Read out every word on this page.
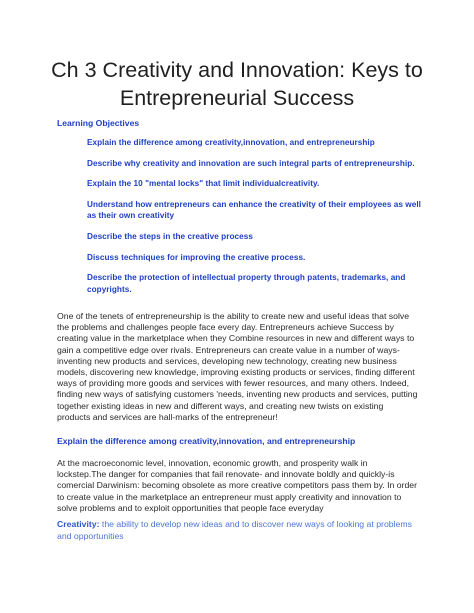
Ch 3 Creativity and Innovation: Keys to Entrepreneurial Success
Learning Objectives
Explain the difference among creativity,innovation, and entrepreneurship
Describe why creativity and innovation are such integral parts of entrepreneurship.
Explain the 10 "mental locks" that limit individualcreativity.
Understand how entrepreneurs can enhance the creativity of their employees as well as their own creativity
Describe the steps in the creative process
Discuss techniques for improving the creative process.
Describe the protection of intellectual property through patents, trademarks, and copyrights.

One of the tenets of entrepreneurship is the ability to create new and useful ideas that solve the problems and challenges people face every day. Entrepreneurs achieve Success by creating value in the marketplace when they Combine resources in new and different ways to gain a competitive edge over rivals. Entrepreneurs can create value in a number of ways-inventing new products and services, developing new technology, creating new business models, discovering new knowledge, improving existing products or services, finding different ways of providing more goods and services with fewer resources, and many others. Indeed, finding new ways of satisfying customers 'needs, inventing new products and services, putting together existing ideas in new and different ways, and creating new twists on existing products and services are hall-marks of the entrepreneur!

Explain the difference among creativity,innovation, and entrepreneurship

At the macroeconomic level, innovation, economic growth, and prosperity walk in lockstep.The danger for companies that fail renovate- and innovate boldly and quickly-is comercial Darwinism: becoming obsolete as more creative competitors pass them by. In order to create value in the marketplace an entrepreneur must apply creativity and innovation to solve problems and to exploit opportunities that people face everyday

Creativity: the ability to develop new ideas and to discover new ways of looking at problems and opportunities
